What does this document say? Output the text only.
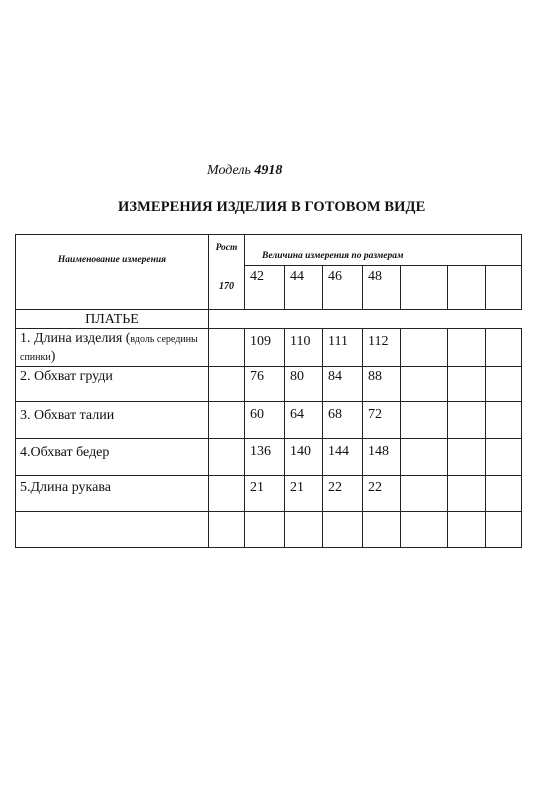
Модель 4918
ИЗМЕРЕНИЯ ИЗДЕЛИЯ В ГОТОВОМ ВИДЕ
Наименование измерения	Рост	Величина измерения по размерам						

	170	42	44	46	48			

ПЛАТЬЕ								

1. Длина изделия (вдоль середины спинки)		109	110	111	112			

2. Обхват груди		76	80	84	88			

3. Обхват талии		60	64	68	72			

4.Обхват бедер		136	140	144	148			

5.Длина рукава		21	21	22	22			
